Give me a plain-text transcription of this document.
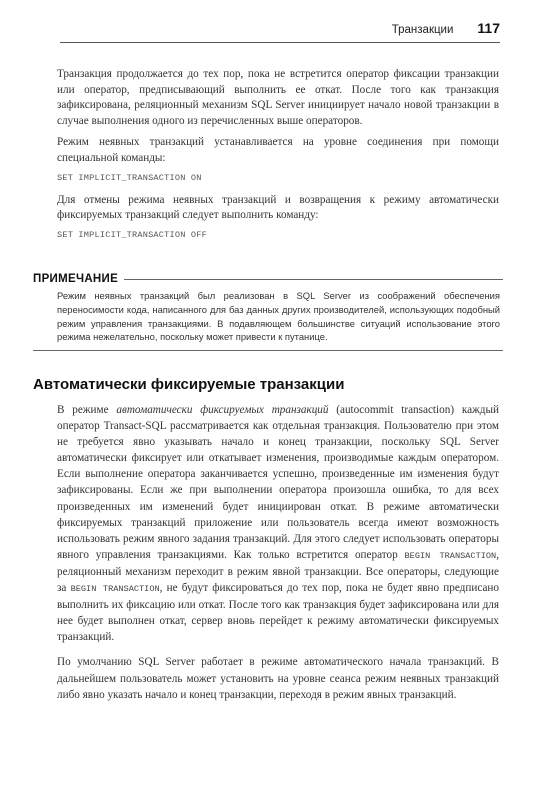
Транзакции 117

Транзакция продолжается до тех пор, пока не встретится оператор фиксации транзакции или оператор, предписывающий выполнить ее откат. После того как транзакция зафиксирована, реляционный механизм SQL Server инициирует начало новой транзакции в случае выполнения одного из перечисленных выше операторов.

Режим неявных транзакций устанавливается на уровне соединения при помощи специальной команды:

SET IMPLICIT_TRANSACTION ON

Для отмены режима неявных транзакций и возвращения к режиму автоматически фиксируемых транзакций следует выполнить команду:

SET IMPLICIT_TRANSACTION OFF
ПРИМЕЧАНИЕ
Режим неявных транзакций был реализован в SQL Server из соображений обеспечения переносимости кода, написанного для баз данных других производителей, использующих подобный режим управления транзакциями. В подавляющем большинстве ситуаций использование этого режима нежелательно, поскольку может привести к путанице.
Автоматически фиксируемые транзакции

В режиме автоматически фиксируемых транзакций (autocommit transaction) каждый оператор Transact-SQL рассматривается как отдельная транзакция. Пользователю при этом не требуется явно указывать начало и конец транзакции, поскольку SQL Server автоматически фиксирует или откатывает изменения, производимые каждым оператором. Если выполнение оператора заканчивается успешно, произведенные им изменения будут зафиксированы. Если же при выполнении оператора произошла ошибка, то для всех произведенных им изменений будет инициирован откат. В режиме автоматически фиксируемых транзакций приложение или пользователь всегда имеют возможность использовать режим явного задания транзакций. Для этого следует использовать операторы явного управления транзакциями. Как только встретится оператор BEGIN TRANSACTION, реляционный механизм переходит в режим явной транзакции. Все операторы, следующие за BEGIN TRANSACTION, не будут фиксироваться до тех пор, пока не будет явно предписано выполнить их фиксацию или откат. После того как транзакция будет зафиксирована или для нее будет выполнен откат, сервер вновь перейдет к режиму автоматически фиксируемых транзакций.

По умолчанию SQL Server работает в режиме автоматического начала транзакций. В дальнейшем пользователь может установить на уровне сеанса режим неявных транзакций либо явно указать начало и конец транзакции, переходя в режим явных транзакций.
